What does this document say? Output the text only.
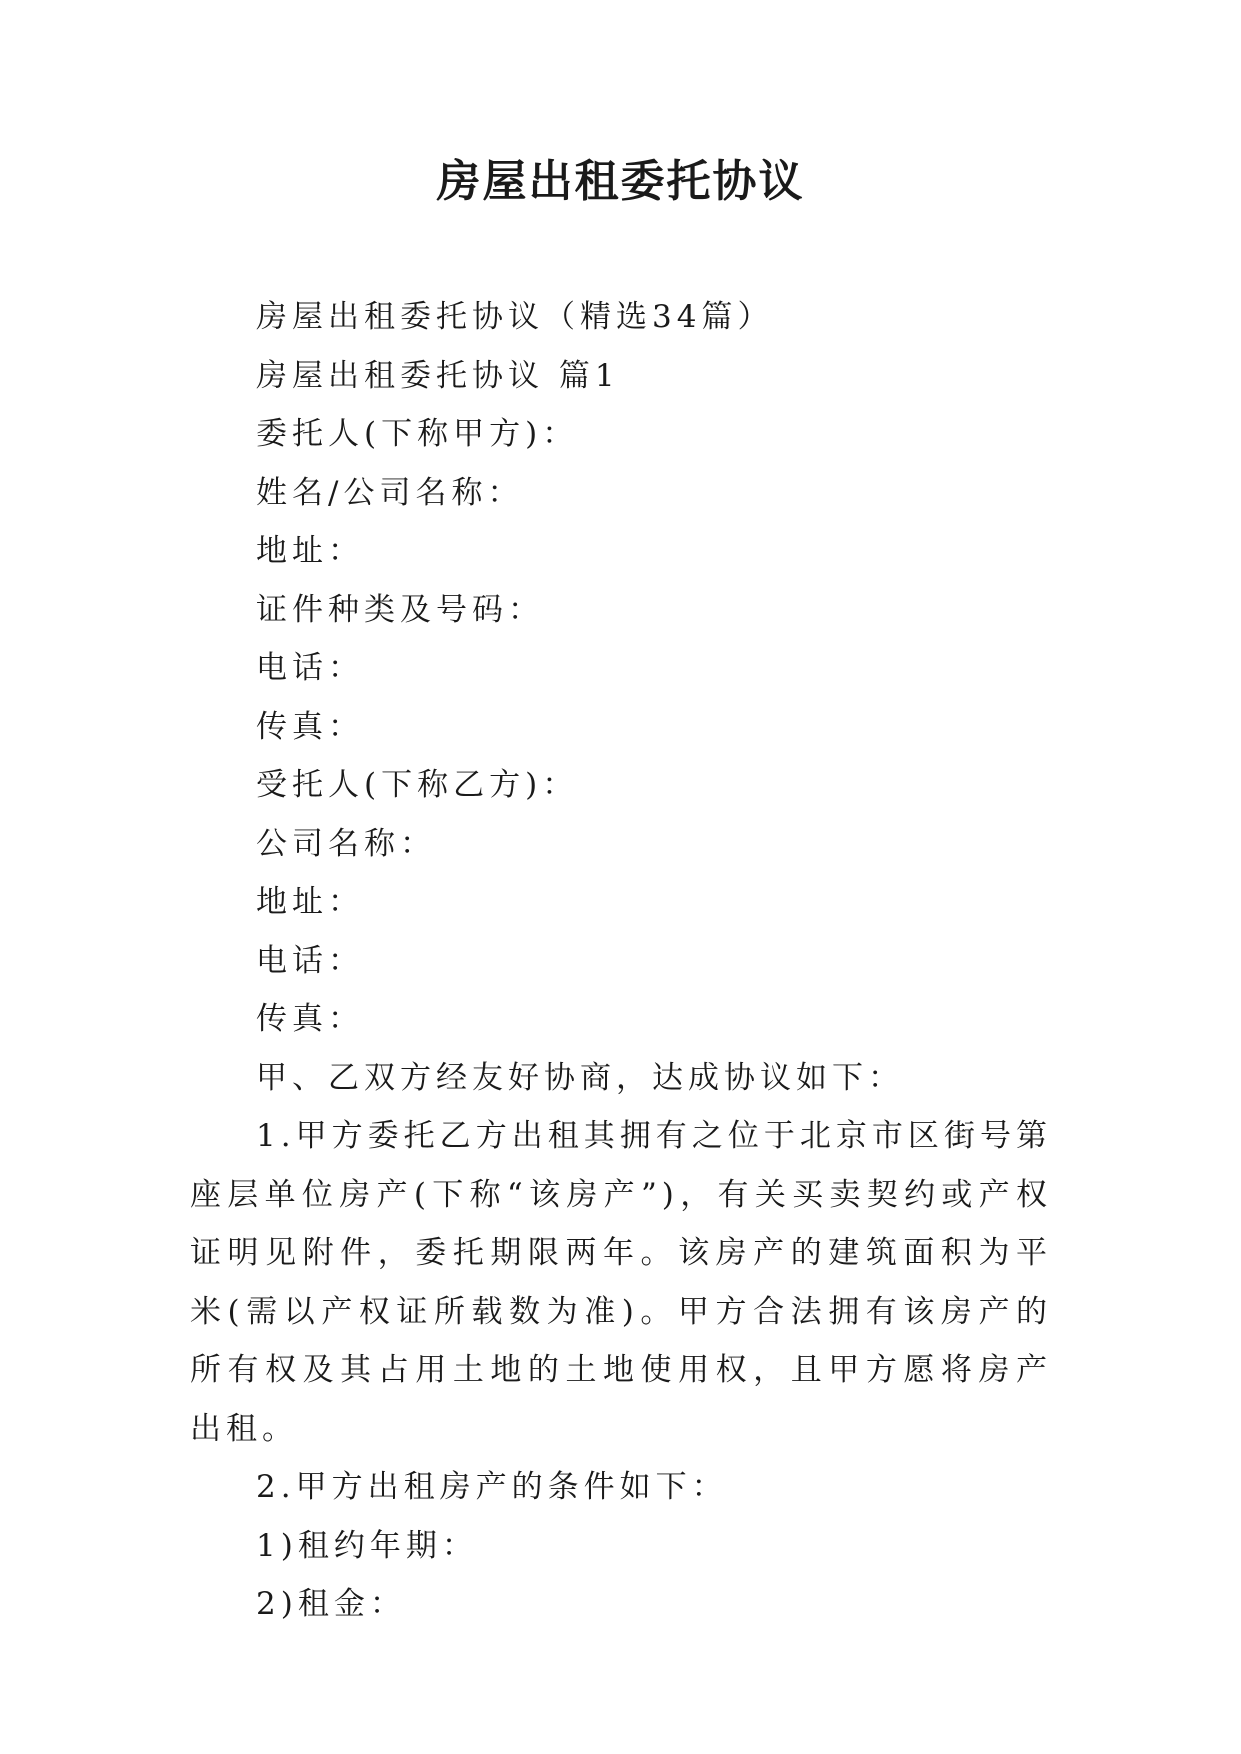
房屋出租委托协议

房屋出租委托协议（精选34篇）

房屋出租委托协议 篇1

委托人(下称甲方)：

姓名/公司名称：

地址：

证件种类及号码：

电话：

传真：

受托人(下称乙方)：

公司名称：

地址：

电话：

传真：

甲、乙双方经友好协商，达成协议如下：

1.甲方委托乙方出租其拥有之位于北京市区街号第座层单位房产(下称“该房产”)，有关买卖契约或产权证明见附件，委托期限两年。该房产的建筑面积为平米(需以产权证所载数为准)。甲方合法拥有该房产的所有权及其占用土地的土地使用权，且甲方愿将房产出租。

2.甲方出租房产的条件如下：

1)租约年期：

2)租金：
